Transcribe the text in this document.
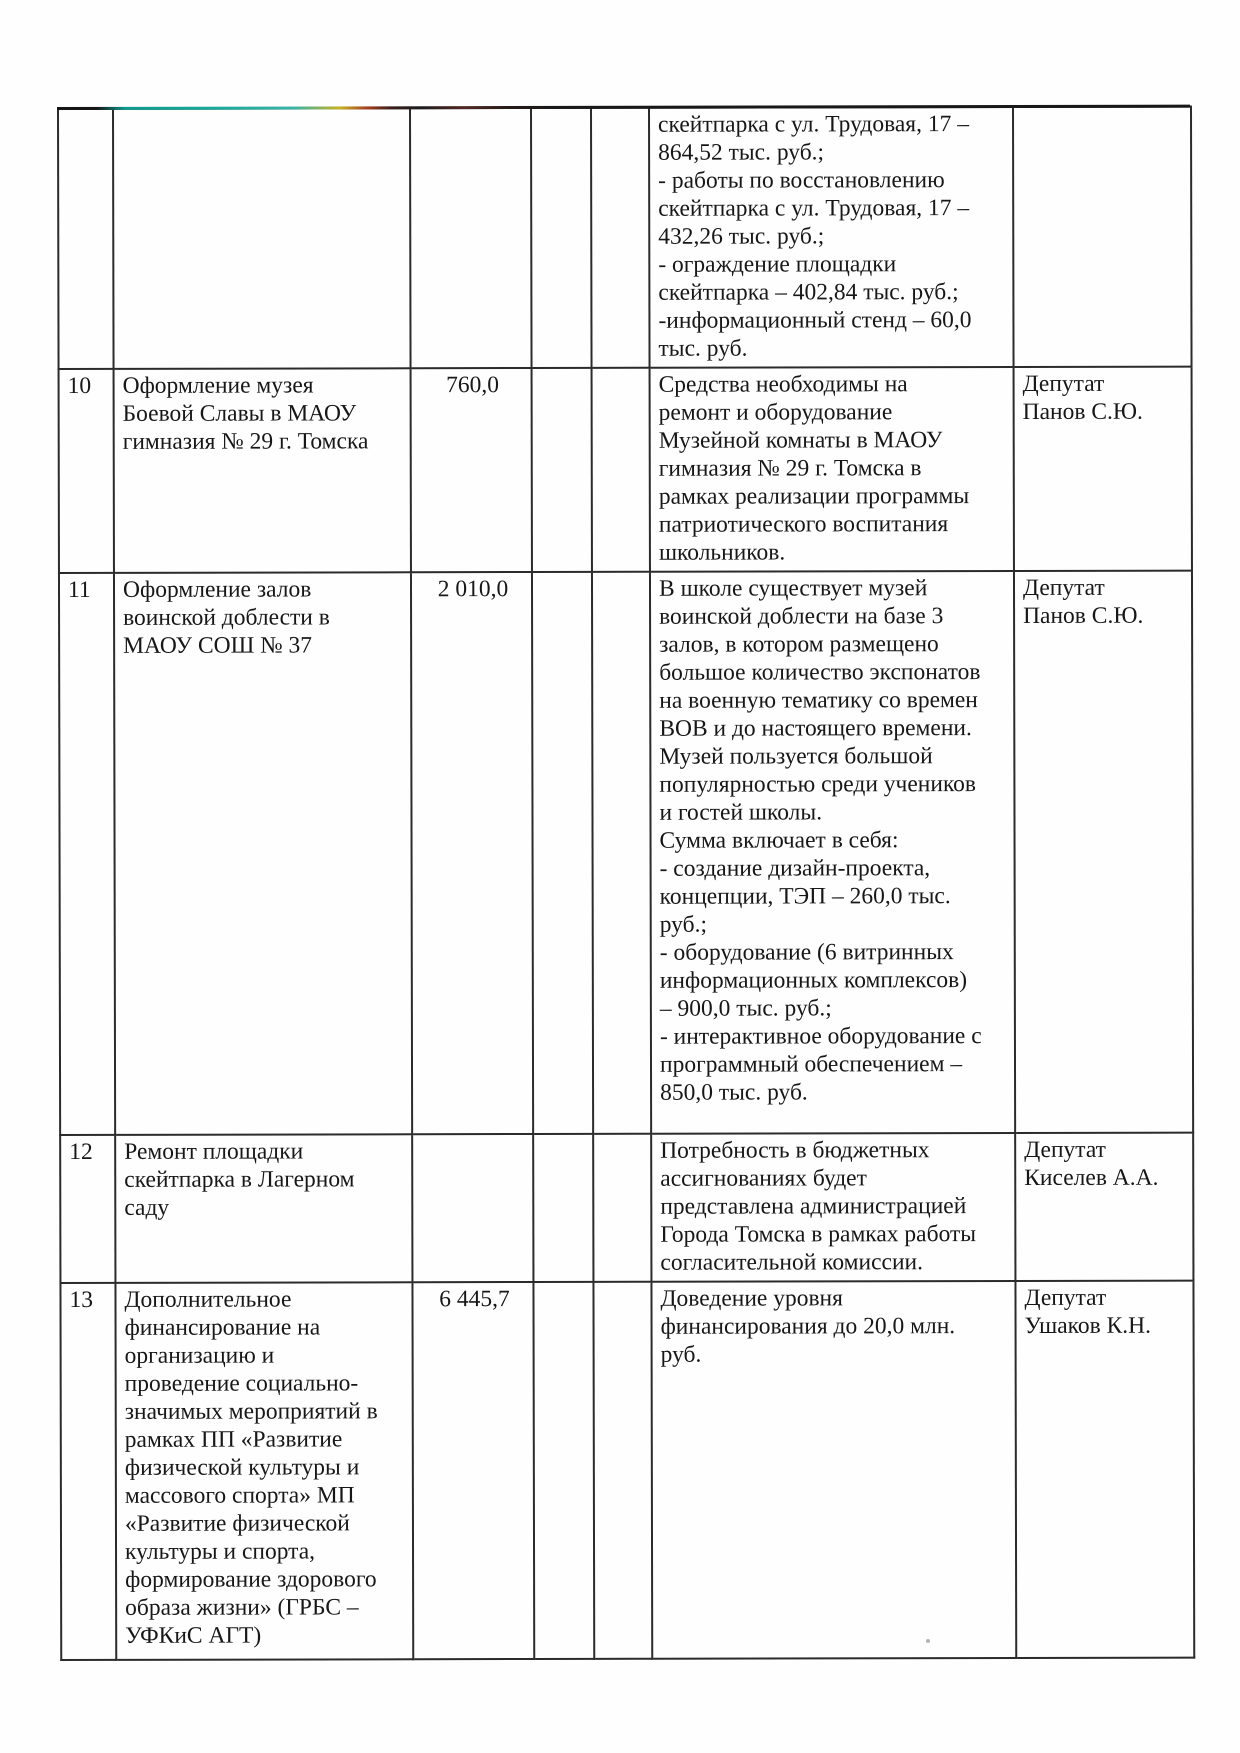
					скейтпарка с ул. Трудовая, 17 –
864,52 тыс. руб.;
- работы по восстановлению
скейтпарка с ул. Трудовая, 17 –
432,26 тыс. руб.;
- ограждение площадки
скейтпарка – 402,84 тыс. руб.;
-информационный стенд – 60,0
тыс. руб.	
10	Оформление музея
Боевой Славы в МАОУ
гимназия № 29 г. Томска	760,0			Средства необходимы на
ремонт и оборудование
Музейной комнаты в МАОУ
гимназия № 29 г. Томска в
рамках реализации программы
патриотического воспитания
школьников.	Депутат
Панов С.Ю.
11	Оформление залов
воинской доблести в
МАОУ СОШ № 37	2 010,0			В школе существует музей
воинской доблести на базе 3
залов, в котором размещено
большое количество экспонатов
на военную тематику со времен
ВОВ и до настоящего времени.
Музей пользуется большой
популярностью среди учеников
и гостей школы.
Сумма включает в себя:
- создание дизайн-проекта,
концепции, ТЭП – 260,0 тыс.
руб.;
- оборудование (6 витринных
информационных комплексов)
– 900,0 тыс. руб.;
- интерактивное оборудование с
программный обеспечением –
850,0 тыс. руб.	Депутат
Панов С.Ю.
12	Ремонт площадки
скейтпарка в Лагерном
саду				Потребность в бюджетных
ассигнованиях будет
представлена администрацией
Города Томска в рамках работы
согласительной комиссии.	Депутат
Киселев А.А.
13	Дополнительное
финансирование на
организацию и
проведение социально-
значимых мероприятий в
рамках ПП «Развитие
физической культуры и
массового спорта» МП
«Развитие физической
культуры и спорта,
формирование здорового
образа жизни» (ГРБС –
УФКиС АГТ)	6 445,7			Доведение уровня
финансирования до 20,0 млн.
руб.	Депутат
Ушаков К.Н.
